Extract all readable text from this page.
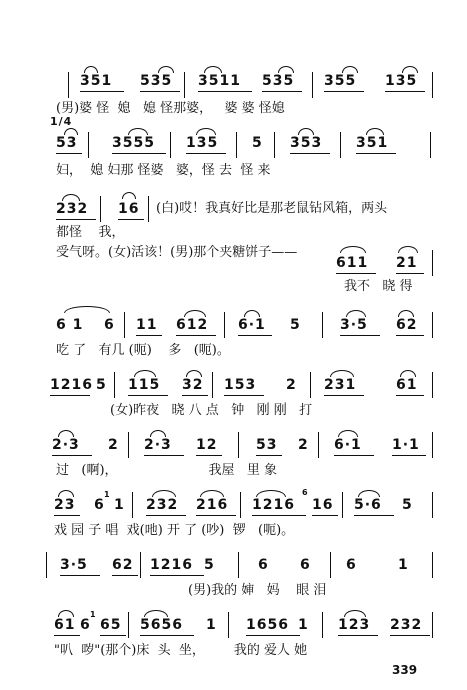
351 535 3511 535 355 135
(男)婆 怪  媳   媳 怪那婆，   婆 婆 怪媳
1/4
53 3555 135 5 353 351
妇，  媳 妇那 怪婆   婆，怪 去  怪 来
232 16 (白)哎！我真好比是那老鼠钻风箱，两头
都怪    我，
受气呀。(女)活该！(男)那个夹糖饼子——
611 21
我不   晓 得
6 1 6 11 612 6·1 5	3·5 62
吃 了   有几 (呃)    多   (呃)。
1216 5 115 32 153 2 231	61
(女)昨夜   晓 八 点   钟   刚 刚   打
2·3 2 2·3 12	53 2 6·1 1·1
过   (啊)，                      我屋   里 象
23 6
1
1 232 216 1216
6
16 5·6 5
戏 园 子 唱  戏(吔) 开 了 (吵)  锣   (呃)。
3·5 62 1216 5	6 6	6	1
(男)我的 婶   妈    眼 泪
61 6
1
65 5656 1 1656 1 123 232
"叭  哕"(那个)床  头  坐，       我的 爱人 她
339
